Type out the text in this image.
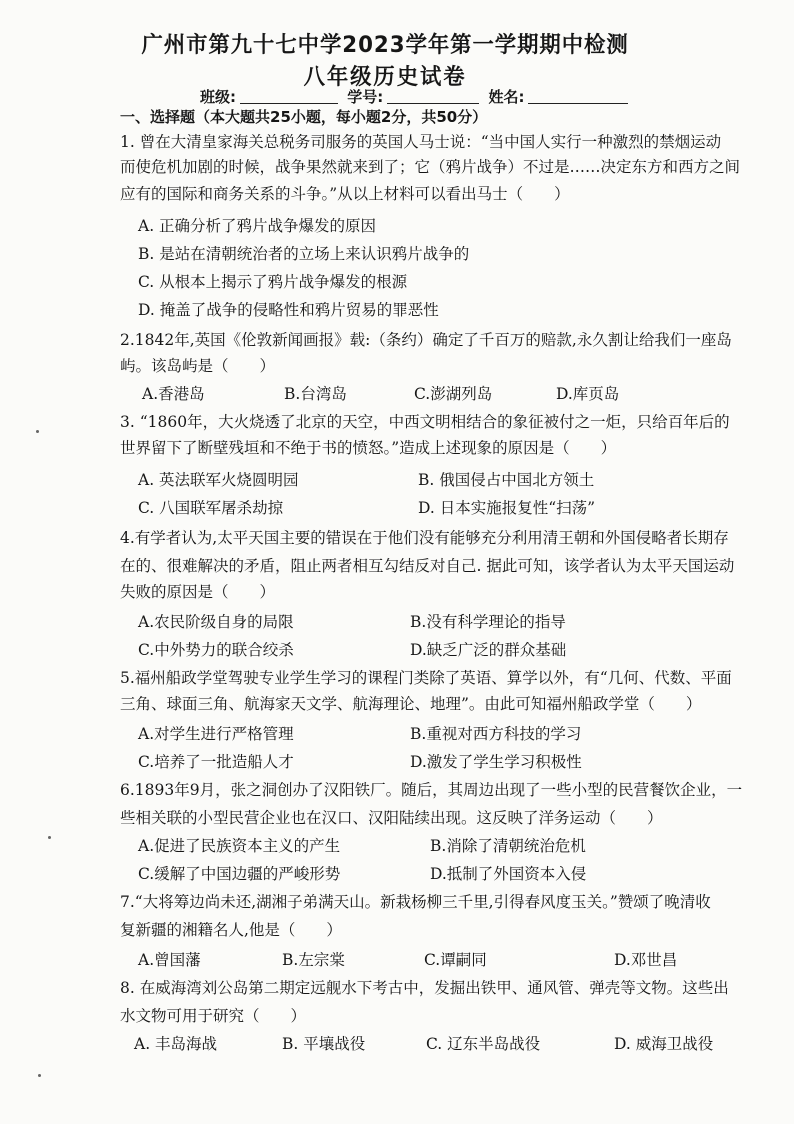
广州市第九十七中学2023学年第一学期期中检测
八年级历史试卷
班级:	学号:	姓名:
一、选择题（本大题共25小题，每小题2分，共50分）
1. 曾在大清皇家海关总税务司服务的英国人马士说：“当中国人实行一种激烈的禁烟运动
而使危机加剧的时候，战争果然就来到了；它（鸦片战争）不过是……决定东方和西方之间
应有的国际和商务关系的斗争。”从以上材料可以看出马士（　　）
A. 正确分析了鸦片战争爆发的原因
B. 是站在清朝统治者的立场上来认识鸦片战争的
C. 从根本上揭示了鸦片战争爆发的根源
D. 掩盖了战争的侵略性和鸦片贸易的罪恶性
2.1842年,英国《伦敦新闻画报》载:（条约）确定了千百万的赔款,永久割让给我们一座岛
屿。该岛屿是（　　）
A.香港岛	B.台湾岛	C.澎湖列岛	D.库页岛
3. “1860年，大火烧透了北京的天空，中西文明相结合的象征被付之一炬，只给百年后的
世界留下了断壁残垣和不绝于书的愤怒。”造成上述现象的原因是（　　）
A. 英法联军火烧圆明园	B. 俄国侵占中国北方领土
C. 八国联军屠杀劫掠	D. 日本实施报复性“扫荡”
4.有学者认为,太平天国主要的错误在于他们没有能够充分利用清王朝和外国侵略者长期存
在的、很难解决的矛盾，阻止两者相互勾结反对自己. 据此可知，该学者认为太平天国运动
失败的原因是（　　）
A.农民阶级自身的局限	B.没有科学理论的指导
C.中外势力的联合绞杀	D.缺乏广泛的群众基础
5.福州船政学堂驾驶专业学生学习的课程门类除了英语、算学以外，有“几何、代数、平面
三角、球面三角、航海家天文学、航海理论、地理”。由此可知福州船政学堂（　　）
A.对学生进行严格管理	B.重视对西方科技的学习
C.培养了一批造船人才	D.激发了学生学习积极性
6.1893年9月，张之洞创办了汉阳铁厂。随后，其周边出现了一些小型的民营餐饮企业，一
些相关联的小型民营企业也在汉口、汉阳陆续出现。这反映了洋务运动（　　）
A.促进了民族资本主义的产生	B.消除了清朝统治危机
C.缓解了中国边疆的严峻形势	D.抵制了外国资本入侵
7.“大将筹边尚未还,湖湘子弟满天山。新栽杨柳三千里,引得春风度玉关。”赞颂了晚清收
复新疆的湘籍名人,他是（　　）
A.曾国藩	B.左宗棠	C.谭嗣同	D.邓世昌
8. 在威海湾刘公岛第二期定远舰水下考古中，发掘出铁甲、通风管、弹壳等文物。这些出
水文物可用于研究（　　）
A. 丰岛海战	B. 平壤战役	C. 辽东半岛战役	D. 威海卫战役
